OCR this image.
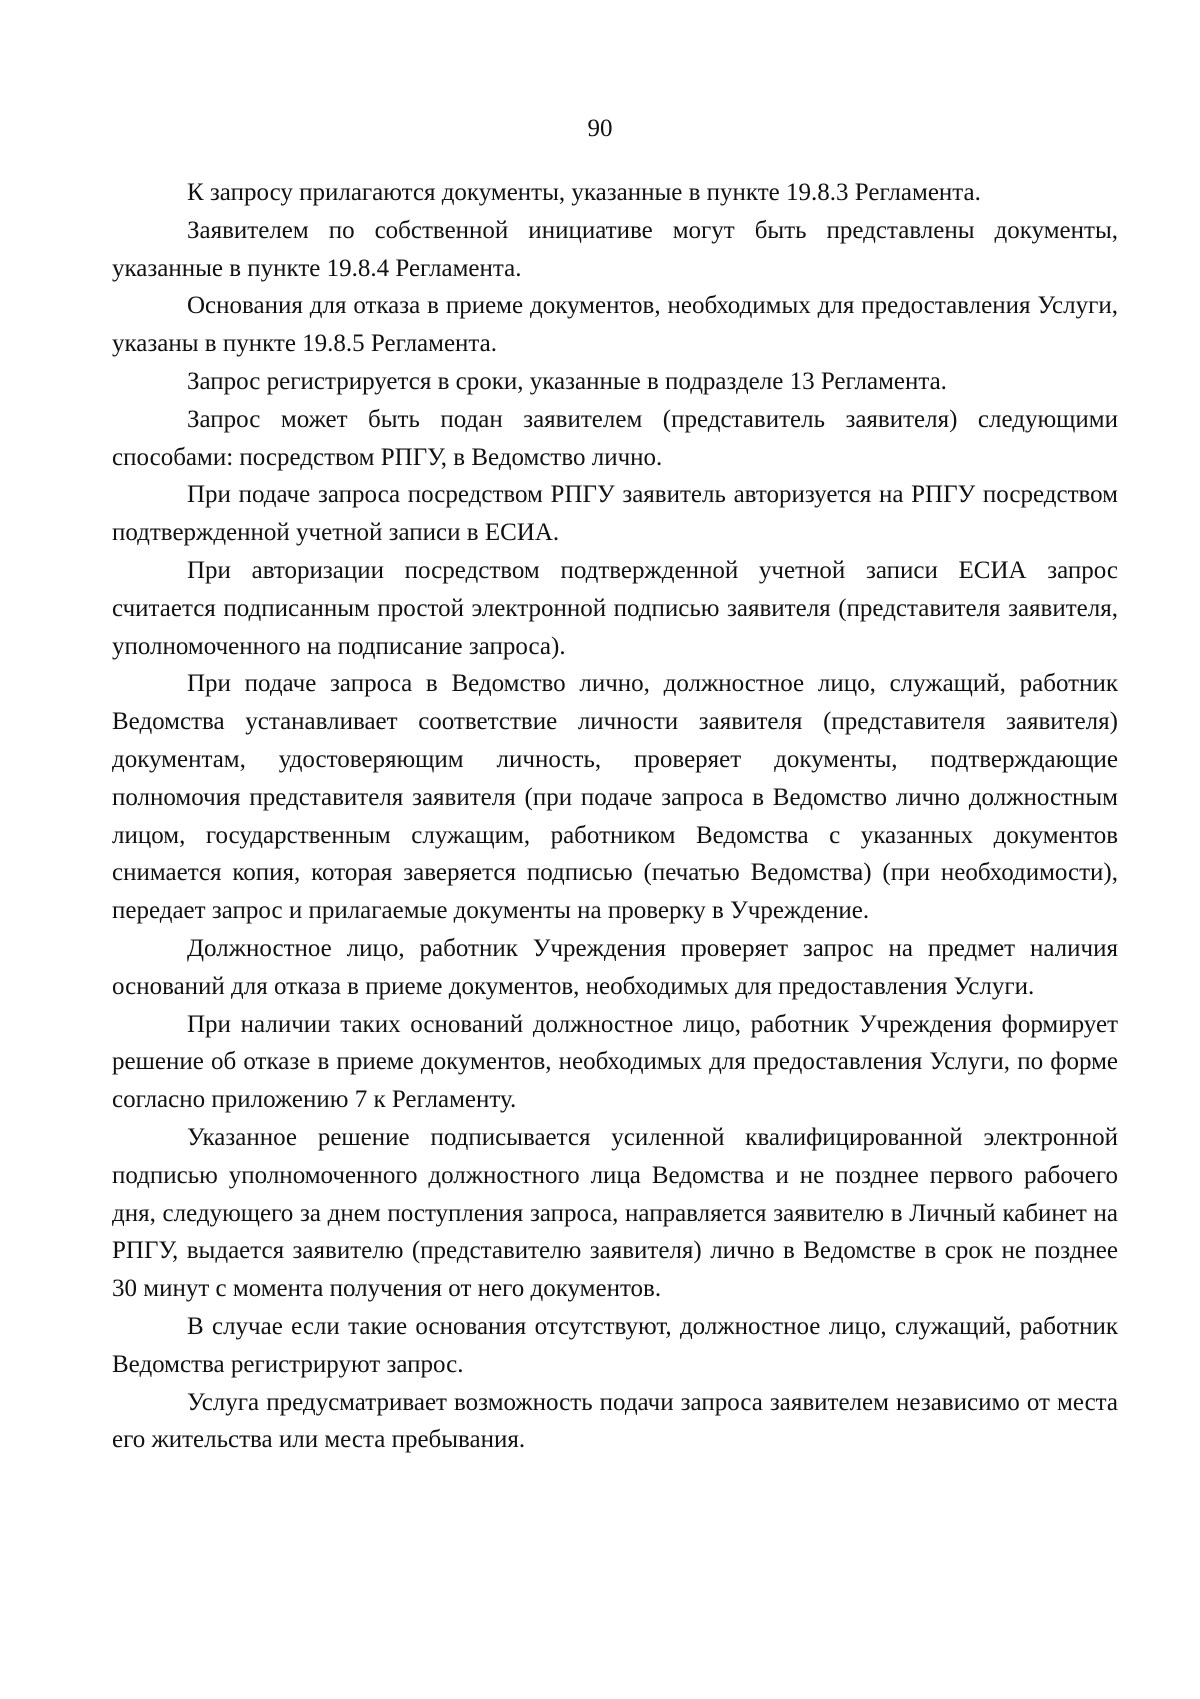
90

К запросу прилагаются документы, указанные в пункте 19.8.3 Регламента.

Заявителем по собственной инициативе могут быть представлены документы, указанные в пункте 19.8.4 Регламента.

Основания для отказа в приеме документов, необходимых для предоставления Услуги, указаны в пункте 19.8.5 Регламента.

Запрос регистрируется в сроки, указанные в подразделе 13 Регламента.

Запрос может быть подан заявителем (представитель заявителя) следующими способами: посредством РПГУ, в Ведомство лично.

При подаче запроса посредством РПГУ заявитель авторизуется на РПГУ посредством подтвержденной учетной записи в ЕСИА.

При авторизации посредством подтвержденной учетной записи ЕСИА запрос считается подписанным простой электронной подписью заявителя (представителя заявителя, уполномоченного на подписание запроса).

При подаче запроса в Ведомство лично, должностное лицо, служащий, работник Ведомства устанавливает соответствие личности заявителя (представителя заявителя) документам, удостоверяющим личность, проверяет документы, подтверждающие полномочия представителя заявителя (при подаче запроса в Ведомство лично должностным лицом, государственным служащим, работником Ведомства с указанных документов снимается копия, которая заверяется подписью (печатью Ведомства) (при необходимости), передает запрос и прилагаемые документы на проверку в Учреждение.

Должностное лицо, работник Учреждения проверяет запрос на предмет наличия оснований для отказа в приеме документов, необходимых для предоставления Услуги.

При наличии таких оснований должностное лицо, работник Учреждения формирует решение об отказе в приеме документов, необходимых для предоставления Услуги, по форме согласно приложению 7 к Регламенту.

Указанное решение подписывается усиленной квалифицированной электронной подписью уполномоченного должностного лица Ведомства и не позднее первого рабочего дня, следующего за днем поступления запроса, направляется заявителю в Личный кабинет на РПГУ, выдается заявителю (представителю заявителя) лично в Ведомстве в срок не позднее 30 минут с момента получения от него документов.

В случае если такие основания отсутствуют, должностное лицо, служащий, работник Ведомства регистрируют запрос.

Услуга предусматривает возможность подачи запроса заявителем независимо от места его жительства или места пребывания.
